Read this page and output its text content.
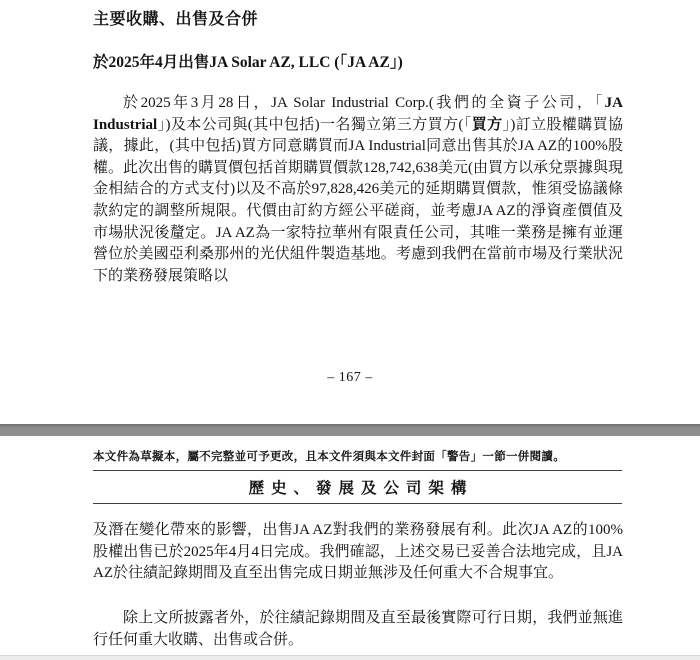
主要收購、出售及合併
於2025年4月出售JA Solar AZ, LLC (「JA AZ」)
於2025年3月28日，JA Solar Industrial Corp.(我們的全資子公司，「JA Industrial」)及本公司與(其中包括)一名獨立第三方買方(「買方」)訂立股權購買協議，據此，(其中包括)買方同意購買而JA Industrial同意出售其於JA AZ的100%股權。此次出售的購買價包括首期購買價款128,742,638美元(由買方以承兌票據與現金相結合的方式支付)以及不高於97,828,426美元的延期購買價款，惟須受協議條款約定的調整所規限。代價由訂約方經公平磋商，並考慮JA AZ的淨資產價值及市場狀況後釐定。JA AZ為一家特拉華州有限責任公司，其唯一業務是擁有並運營位於美國亞利桑那州的光伏組件製造基地。考慮到我們在當前市場及行業狀況下的業務發展策略以
– 167 –
本文件為草擬本，屬不完整並可予更改，且本文件須與本文件封面「警告」一節一併閱讀。
歷史、發展及公司架構
及潛在變化帶來的影響，出售JA AZ對我們的業務發展有利。此次JA AZ的100%股權出售已於2025年4月4日完成。我們確認，上述交易已妥善合法地完成，且JA AZ於往績記錄期間及直至出售完成日期並無涉及任何重大不合規事宜。
除上文所披露者外，於往績記錄期間及直至最後實際可行日期，我們並無進行任何重大收購、出售或合併。
